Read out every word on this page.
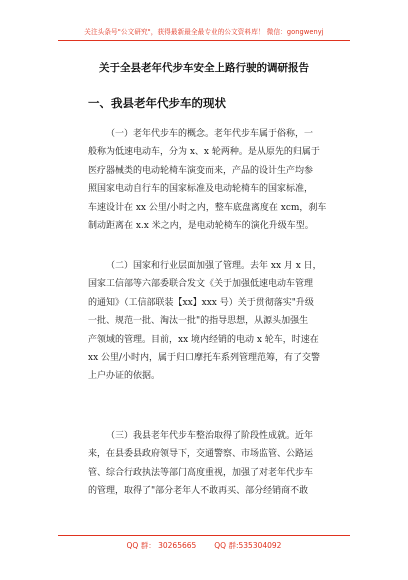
关注头条号"公文研究"，获得最新最全最专业的公文资料库！ 微信：gongwenyj
关于全县老年代步车安全上路行驶的调研报告
一、我县老年代步车的现状
（一）老年代步车的概念。老年代步车属于俗称，一
般称为低速电动车，分为 x、x 轮两种。是从原先的归属于
医疗器械类的电动轮椅车演变而来，产品的设计生产均参
照国家电动自行车的国家标准及电动轮椅车的国家标准，
车速设计在 xx 公里/小时之内，整车底盘离度在 xcm，刹车
制动距离在 x.x 米之内，是电动轮椅车的演化升级车型。
（二）国家和行业层面加强了管理。去年 xx 月 x 日，
国家工信部等六部委联合发文《关于加强低速电动车管理
的通知》（工信部联装【xx】xxx 号）关于贯彻落实"升级
一批、规范一批、淘汰一批"的指导思想，从源头加强生
产领域的管理。目前，xx 境内经销的电动 x 轮车，时速在
xx 公里/小时内，属于归口摩托车系列管理范筹，有了交警
上户办证的依据。
（三）我县老年代步车整治取得了阶段性成就。近年
来，在县委县政府领导下，交通警察、市场监管、公路运
管、综合行政执法等部门高度重视，加强了对老年代步车
的管理，取得了"部分老年人不敢再买、部分经销商不敢
QQ 群： 30265665 QQ 群:535304092
